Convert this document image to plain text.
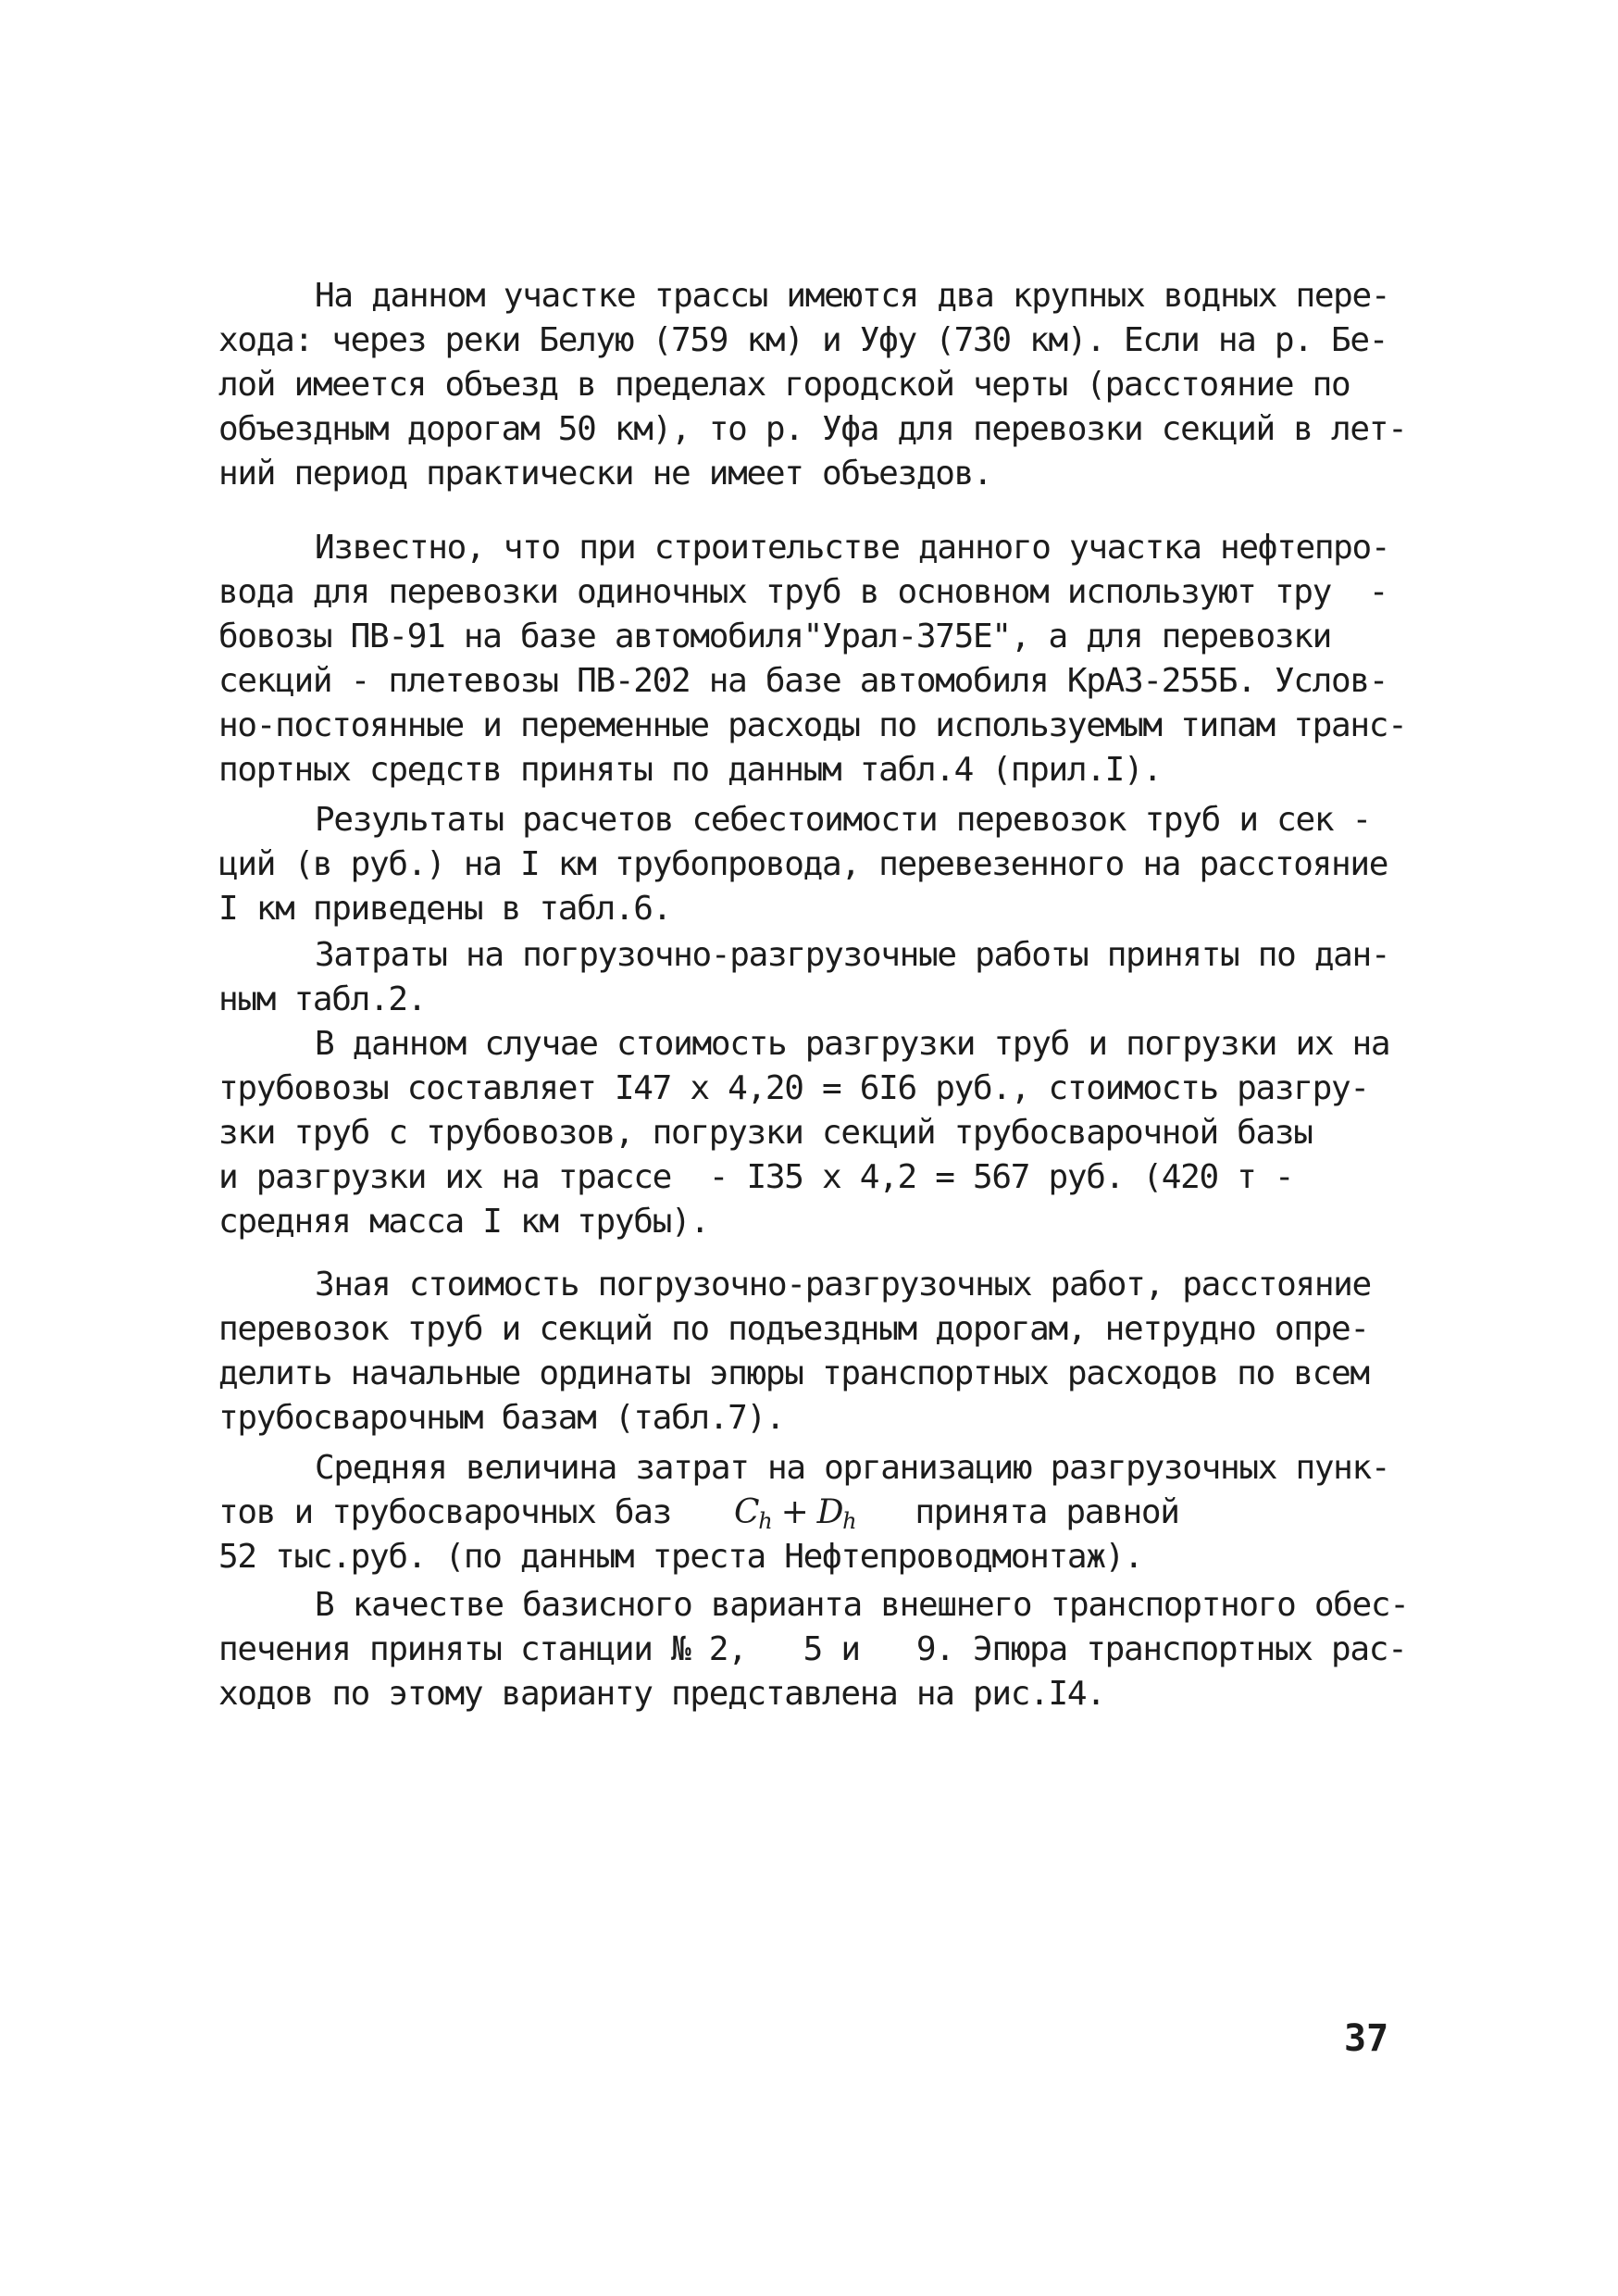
На данном участке трассы имеются два крупных водных пере-
хода: через реки Белую (759 км) и Уфу (730 км). Если на р. Бе-
лой имеется объезд в пределах городской черты (расстояние по
объездным дорогам 50 км), то р. Уфа для перевозки секций в лет-
ний период практически не имеет объездов.
Известно, что при строительстве данного участка нефтепро-
вода для перевозки одиночных труб в основном используют тру  -
бовозы ПВ-91 на базе автомобиля"Урал-375Е", а для перевозки
секций - плетевозы ПВ-202 на базе автомобиля КрАЗ-255Б. Услов-
но-постоянные и переменные расходы по используемым типам транс-
портных средств приняты по данным табл.4 (прил.I).
Результаты расчетов себестоимости перевозок труб и сек -
ций (в руб.) на I км трубопровода, перевезенного на расстояние
I км приведены в табл.6.
Затраты на погрузочно-разгрузочные работы приняты по дан-
ным табл.2.
В данном случае стоимость разгрузки труб и погрузки их на
трубовозы составляет I47 х 4,20 = 6I6 руб., стоимость разгру-
зки труб с трубовозов, погрузки секций трубосварочной базы
и разгрузки их на трассе  - I35 х 4,2 = 567 руб. (420 т -
средняя масса I км трубы).
Зная стоимость погрузочно-разгрузочных работ, расстояние
перевозок труб и секций по подъездным дорогам, нетрудно опре-
делить начальные ординаты эпюры транспортных расходов по всем
трубосварочным базам (табл.7).
Средняя величина затрат на организацию разгрузочных пунк-
тов и трубосварочных баз $C_h + D_h$ принята равной
52 тыс.руб. (по данным треста Нефтепроводмонтаж).
В качестве базисного варианта внешнего транспортного обес-
печения приняты станции № 2,   5 и   9. Эпюра транспортных рас-
ходов по этому варианту представлена на рис.I4.
37
